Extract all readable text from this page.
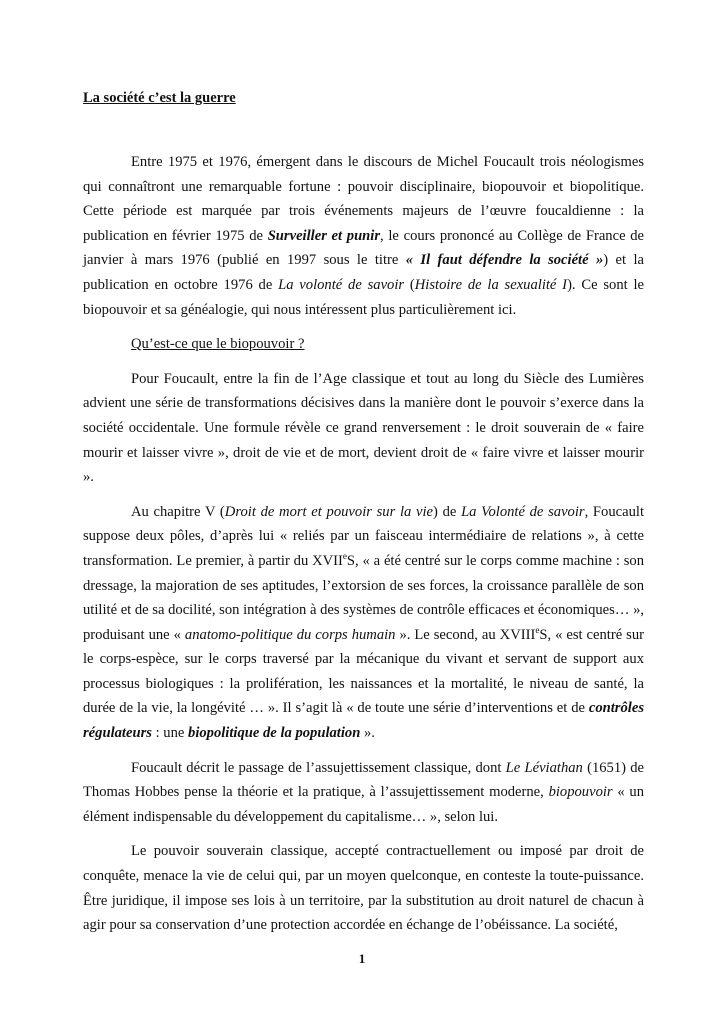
La société c’est la guerre

Entre 1975 et 1976, émergent dans le discours de Michel Foucault trois néologismes qui connaîtront une remarquable fortune : pouvoir disciplinaire, biopouvoir et biopolitique. Cette période est marquée par trois événements majeurs de l’œuvre foucaldienne : la publication en février 1975 de Surveiller et punir, le cours prononcé au Collège de France de janvier à mars 1976 (publié en 1997 sous le titre « Il faut défendre la société ») et la publication en octobre 1976 de La volonté de savoir (Histoire de la sexualité I). Ce sont le biopouvoir et sa généalogie, qui nous intéressent plus particulièrement ici.

Qu’est-ce que le biopouvoir ?

Pour Foucault, entre la fin de l’Age classique et tout au long du Siècle des Lumières advient une série de transformations décisives dans la manière dont le pouvoir s’exerce dans la société occidentale. Une formule révèle ce grand renversement : le droit souverain de « faire mourir et laisser vivre », droit de vie et de mort, devient droit de « faire vivre et laisser mourir ».

Au chapitre V (Droit de mort et pouvoir sur la vie) de La Volonté de savoir, Foucault suppose deux pôles, d’après lui « reliés par un faisceau intermédiaire de relations », à cette transformation. Le premier, à partir du XVIIeS, « a été centré sur le corps comme machine : son dressage, la majoration de ses aptitudes, l’extorsion de ses forces, la croissance parallèle de son utilité et de sa docilité, son intégration à des systèmes de contrôle efficaces et économiques… », produisant une « anatomo-politique du corps humain ». Le second, au XVIIIeS, « est centré sur le corps-espèce, sur le corps traversé par la mécanique du vivant et servant de support aux processus biologiques : la prolifération, les naissances et la mortalité, le niveau de santé, la durée de la vie, la longévité … ». Il s’agit là « de toute une série d’interventions et de contrôles régulateurs : une biopolitique de la population ».

Foucault décrit le passage de l’assujettissement classique, dont Le Léviathan (1651) de Thomas Hobbes pense la théorie et la pratique, à l’assujettissement moderne, biopouvoir « un élément indispensable du développement du capitalisme… », selon lui.

Le pouvoir souverain classique, accepté contractuellement ou imposé par droit de conquête, menace la vie de celui qui, par un moyen quelconque, en conteste la toute-puissance. Être juridique, il impose ses lois à un territoire, par la substitution au droit naturel de chacun à agir pour sa conservation d’une protection accordée en échange de l’obéissance. La société,

1
